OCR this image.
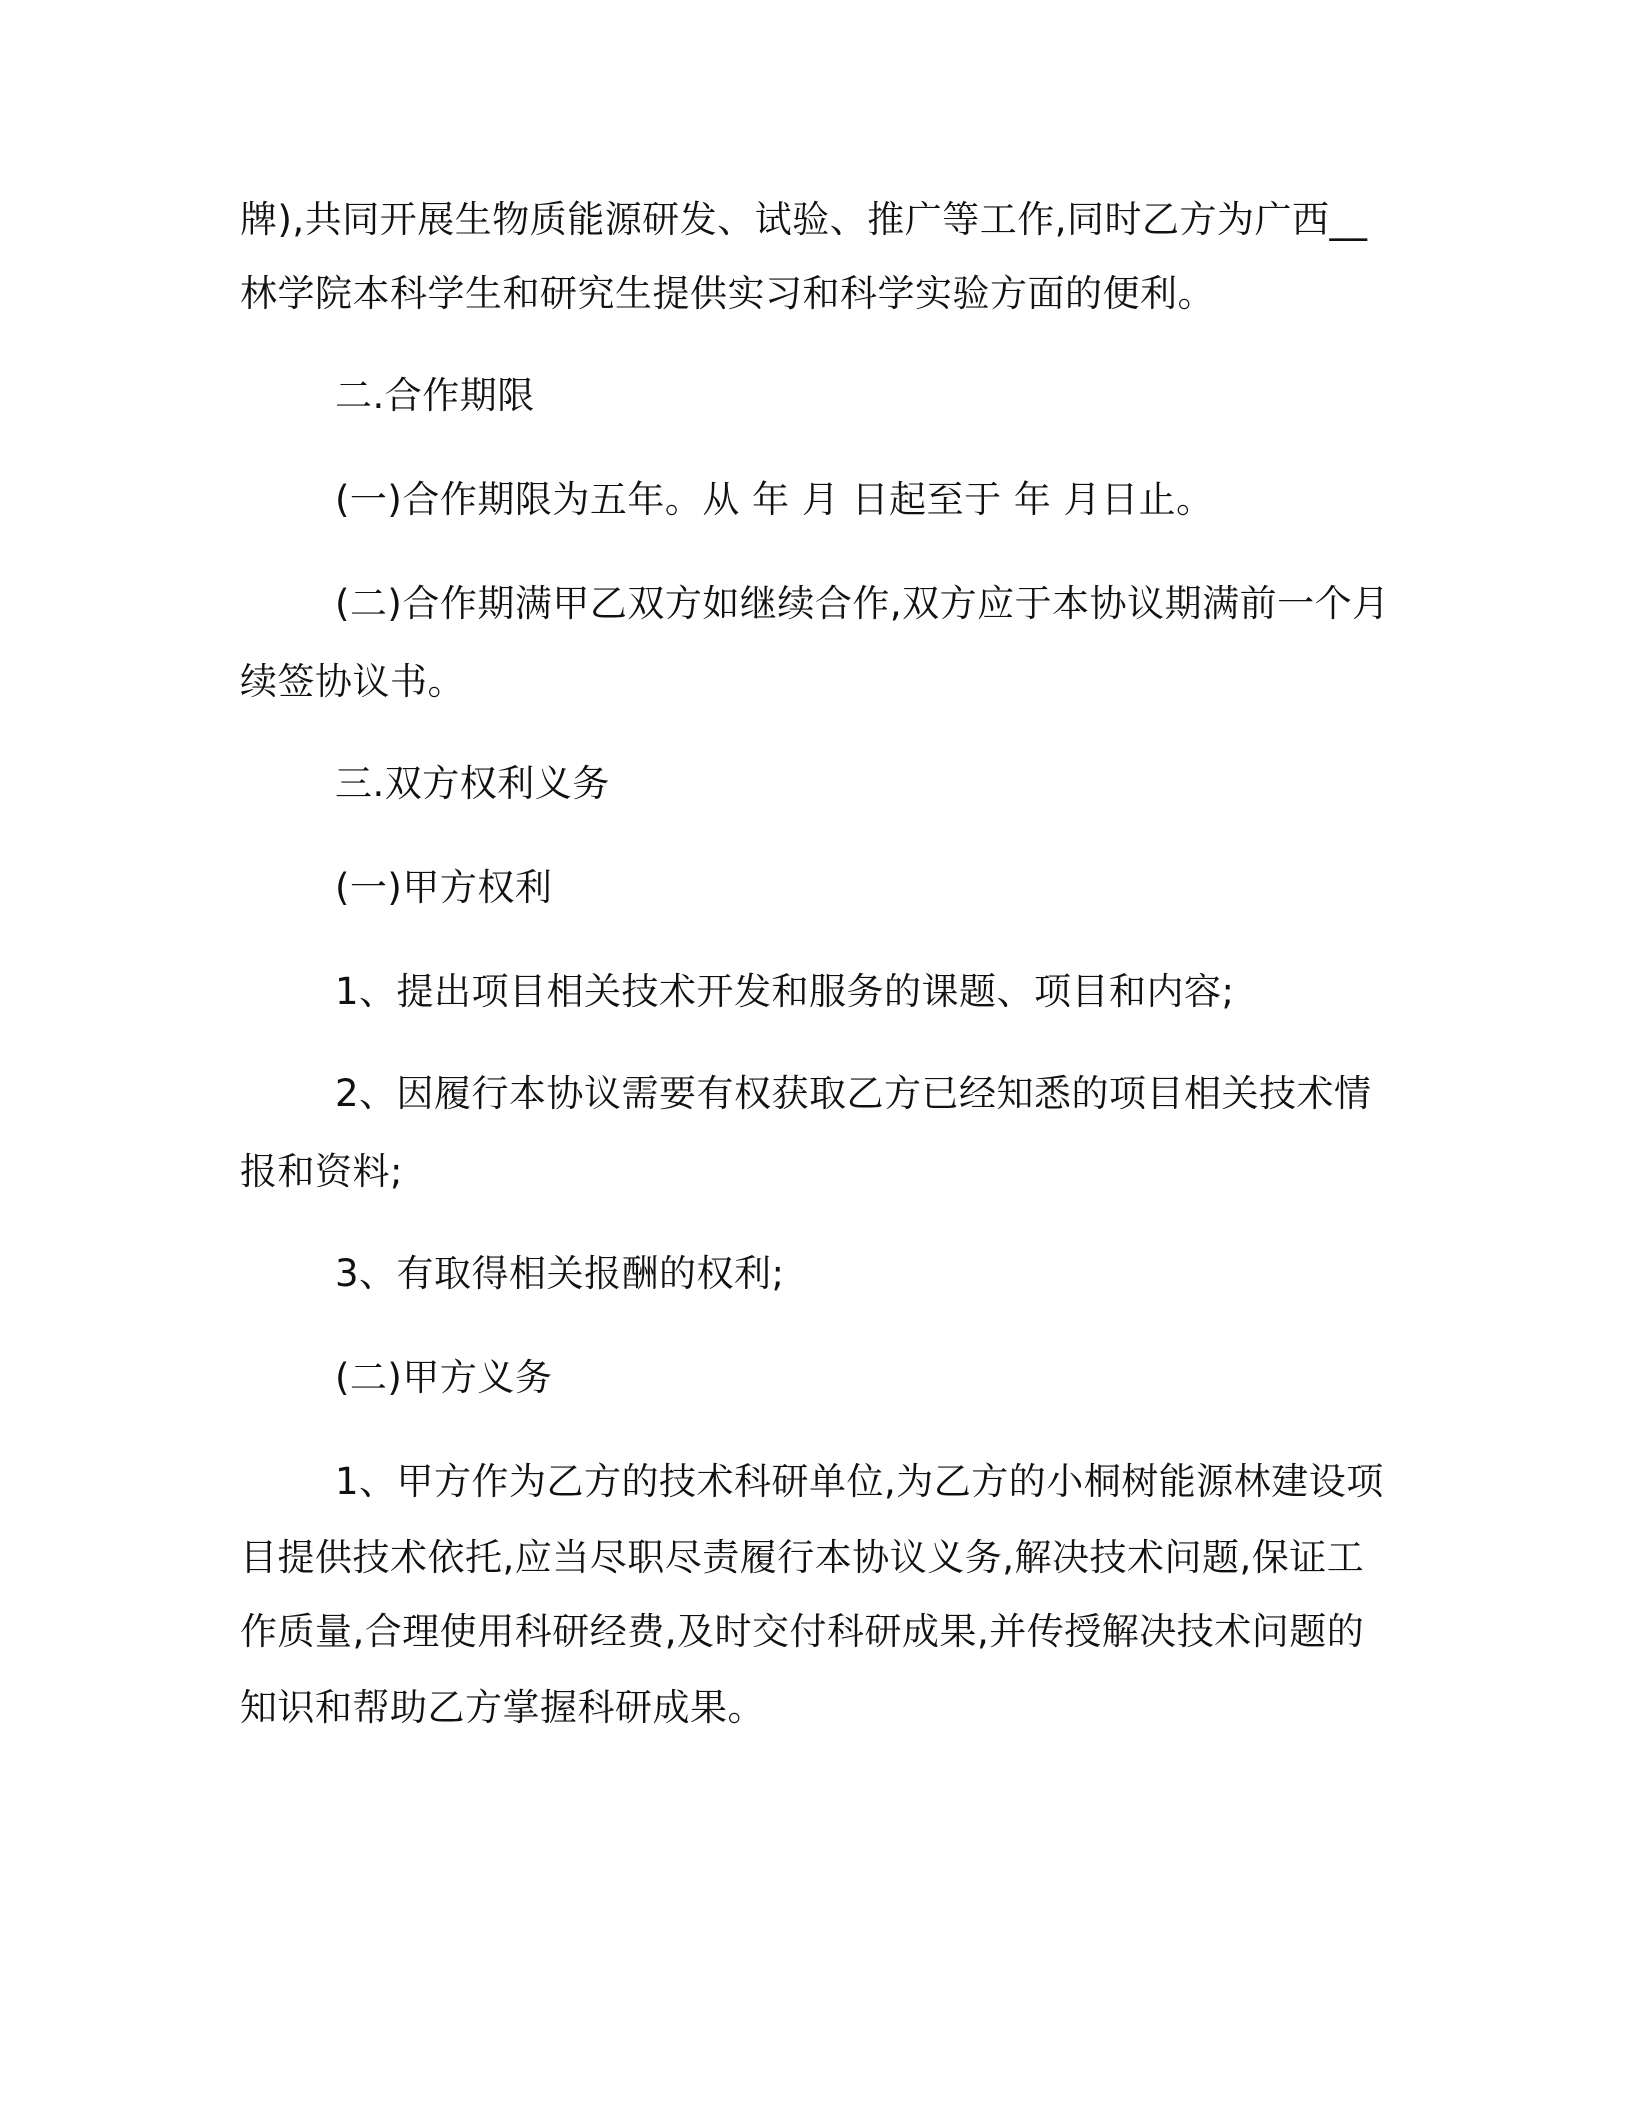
牌),共同开展生物质能源研发、试验、推广等工作,同时乙方为广西__
林学院本科学生和研究生提供实习和科学实验方面的便利。
二.合作期限
(一)合作期限为五年。从 年 月 日起至于 年 月日止。
(二)合作期满甲乙双方如继续合作,双方应于本协议期满前一个月
续签协议书。
三.双方权利义务
(一)甲方权利
1、提出项目相关技术开发和服务的课题、项目和内容;
2、因履行本协议需要有权获取乙方已经知悉的项目相关技术情
报和资料;
3、有取得相关报酬的权利;
(二)甲方义务
1、甲方作为乙方的技术科研单位,为乙方的小桐树能源林建设项
目提供技术依托,应当尽职尽责履行本协议义务,解决技术问题,保证工
作质量,合理使用科研经费,及时交付科研成果,并传授解决技术问题的
知识和帮助乙方掌握科研成果。
